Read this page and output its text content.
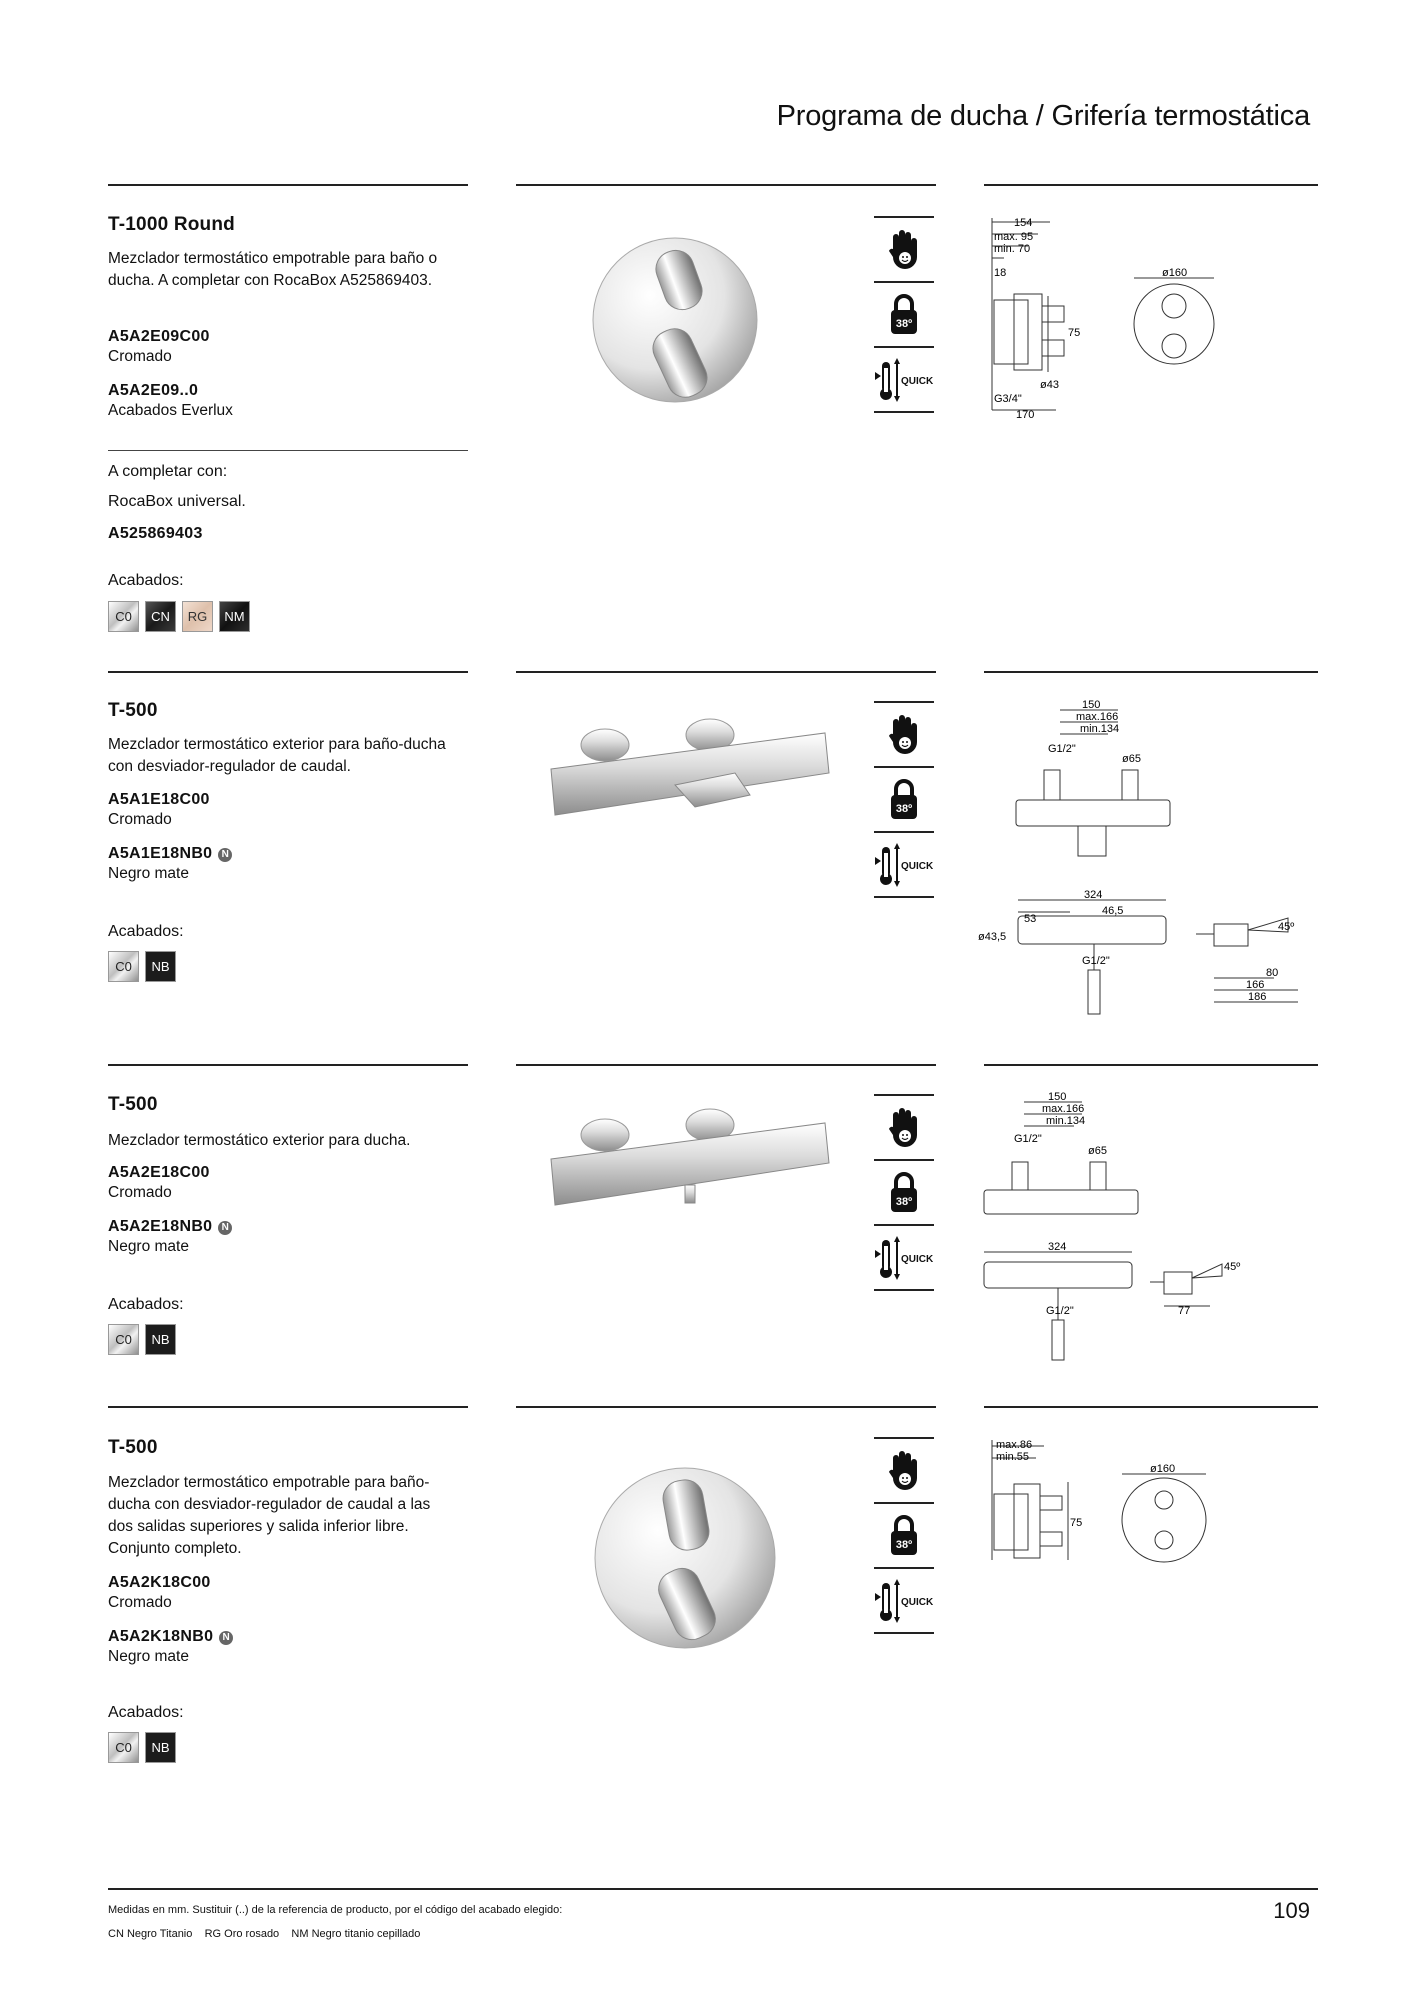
Programa de ducha / Grifería termostática
T-1000 Round
Mezclador termostático empotrable para baño o ducha. A completar con RocaBox A525869403.
A5A2E09C00
Cromado
A5A2E09..0
Acabados Everlux
A completar con:
RocaBox universal.
A525869403
Acabados:
C0	CN	RG	NM
38º
QUICK
154
max. 95
min. 70
18
75
ø43
G3/4"
170
ø160
T-500
Mezclador termostático exterior para baño-ducha con desviador-regulador de caudal.
A5A1E18C00
Cromado
A5A1E18NB0 N
Negro mate
Acabados:
C0	NB
38º
QUICK
150
max.166
min.134
G1/2"
ø65
324
53
46,5
ø43,5
G1/2"
45º
80
166
186
T-500
Mezclador termostático exterior para ducha.
A5A2E18C00
Cromado
A5A2E18NB0 N
Negro mate
Acabados:
C0	NB
38º
QUICK
150
max.166
min.134
G1/2"
ø65
324
G1/2"
45º
77
T-500
Mezclador termostático empotrable para baño-ducha con desviador-regulador de caudal a las dos salidas superiores y salida inferior libre. Conjunto completo.
A5A2K18C00
Cromado
A5A2K18NB0 N
Negro mate
Acabados:
C0	NB
38º
QUICK
max.86
min.55
75
ø160
Medidas en mm. Sustituir (..) de la referencia de producto, por el código del acabado elegido:
CN Negro Titanio    RG Oro rosado    NM Negro titanio cepillado
109
